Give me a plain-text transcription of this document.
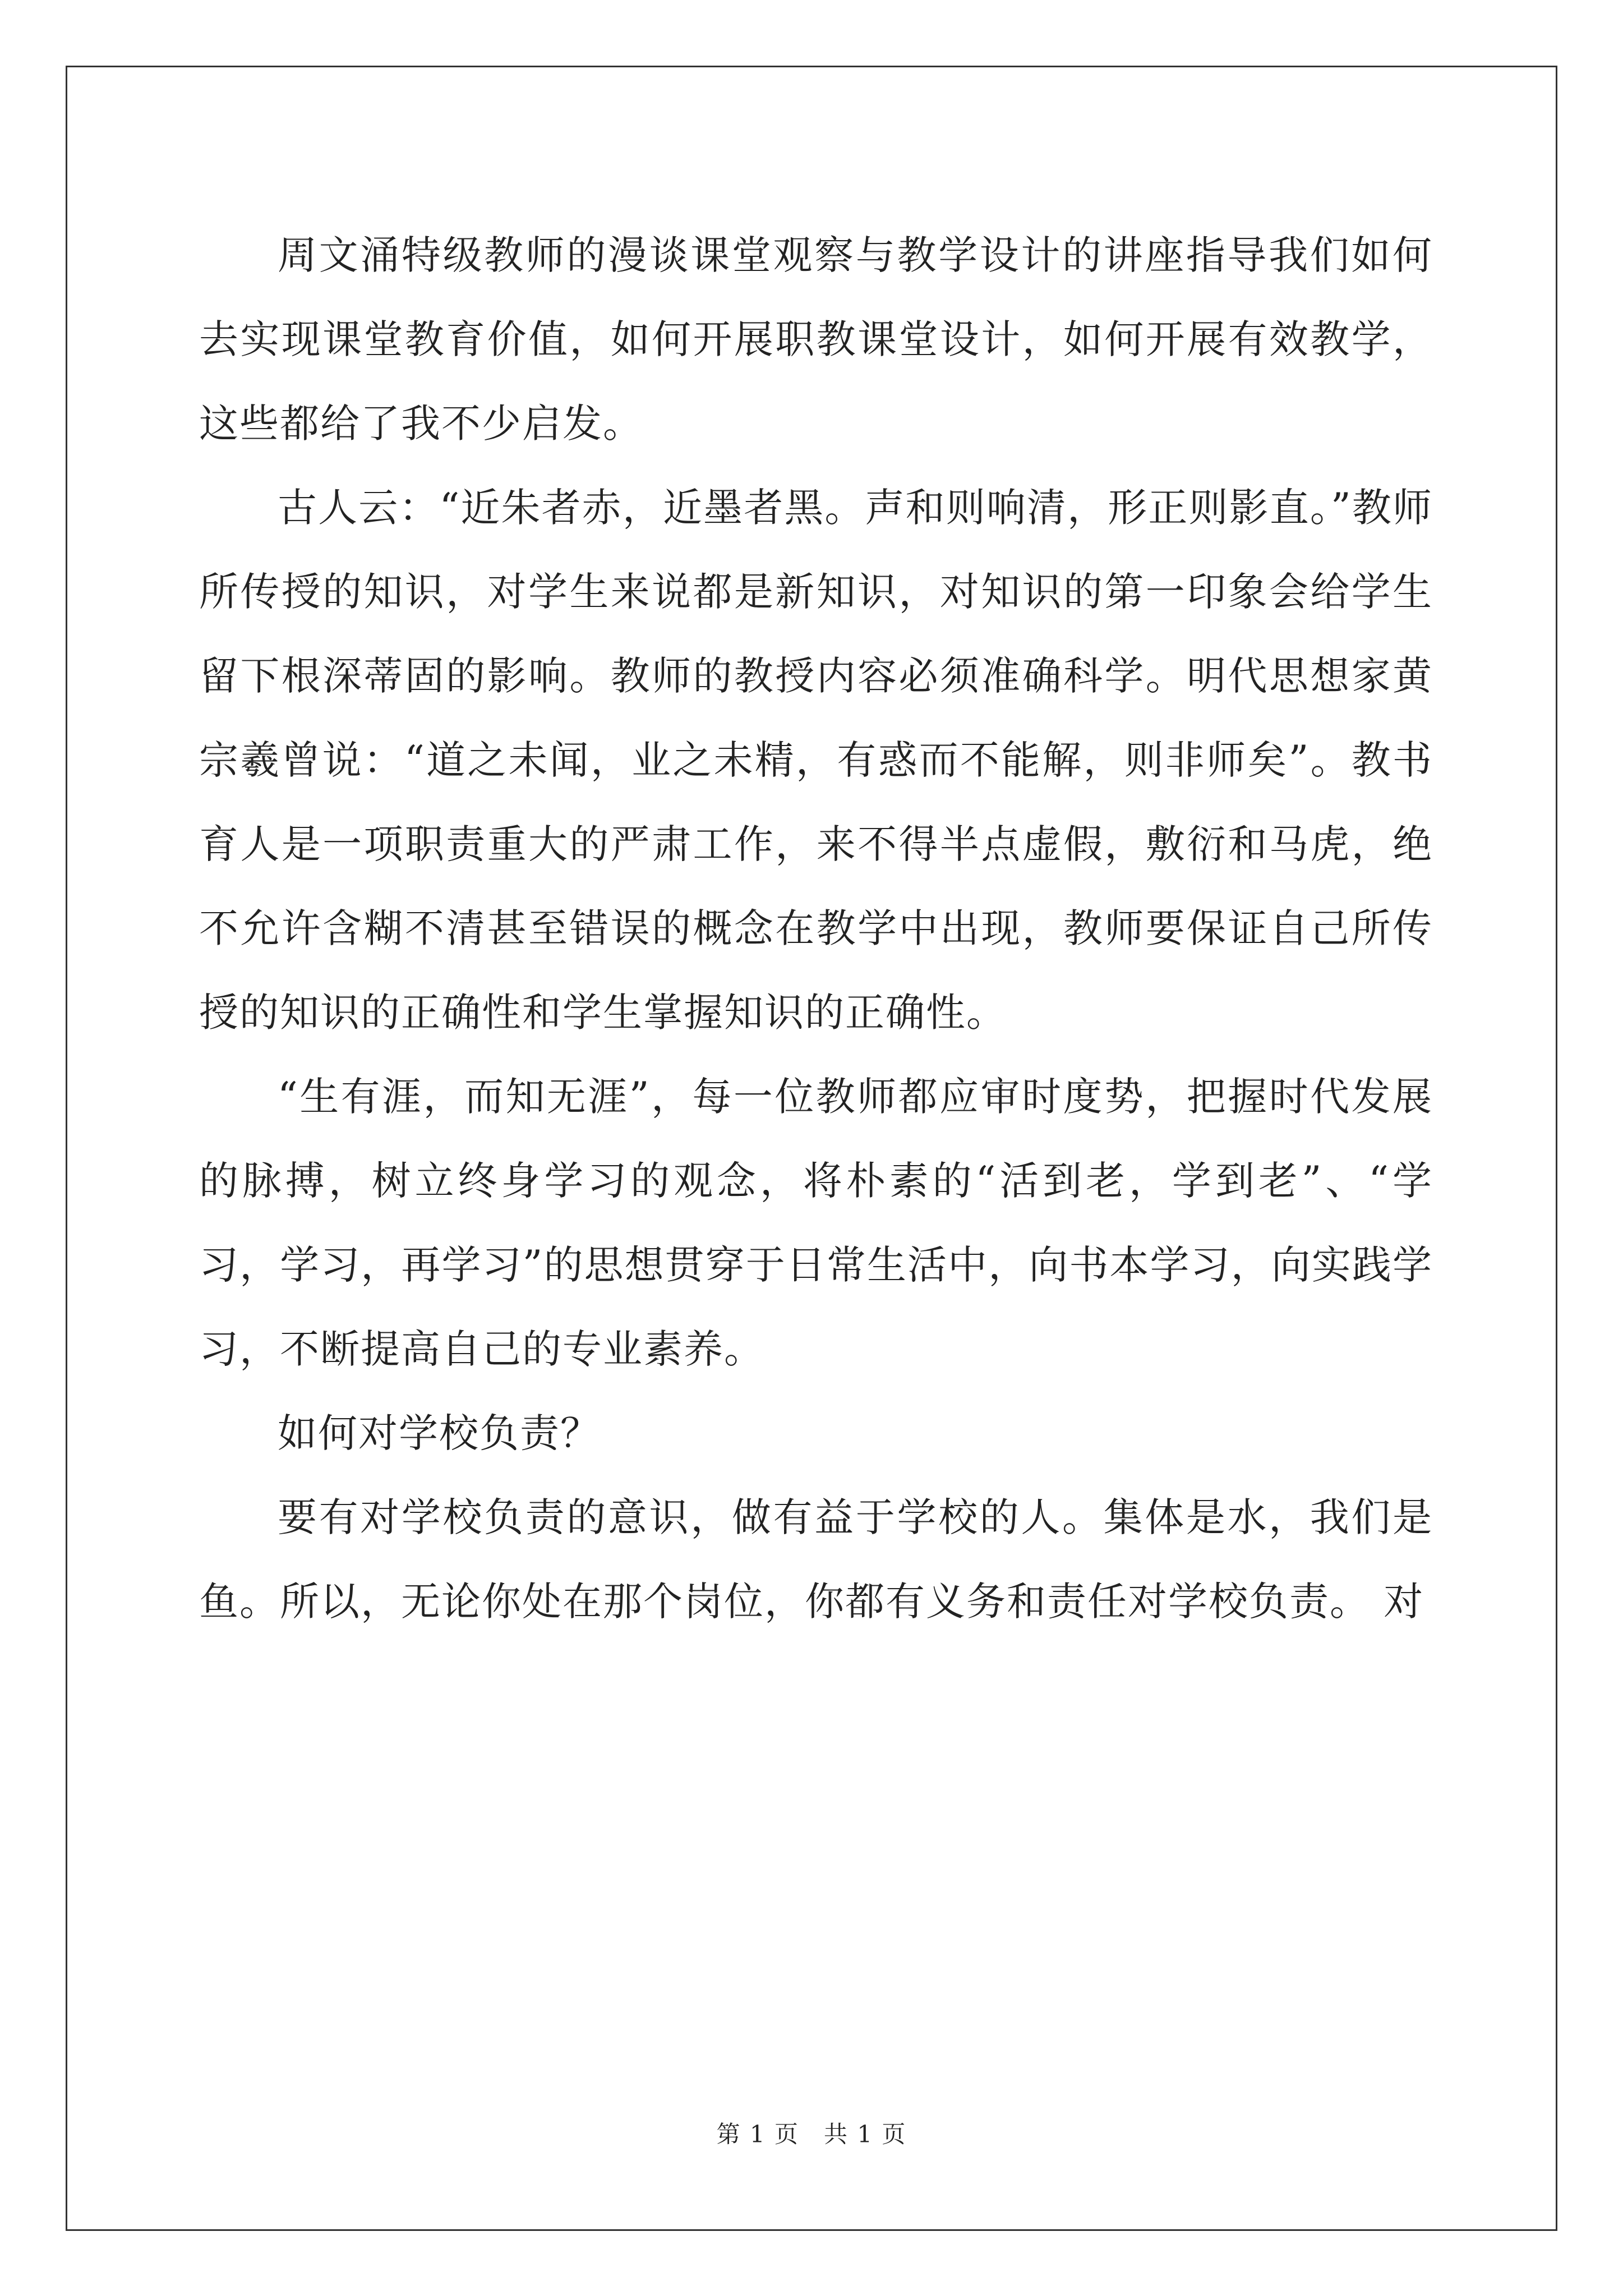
周文涌特级教师的漫谈课堂观察与教学设计的讲座指导我们如何去实现课堂教育价值，如何开展职教课堂设计，如何开展有效教学，这些都给了我不少启发。

古人云：“近朱者赤，近墨者黑。声和则响清，形正则影直。”教师所传授的知识，对学生来说都是新知识，对知识的第一印象会给学生留下根深蒂固的影响。教师的教授内容必须准确科学。明代思想家黄宗羲曾说：“道之未闻，业之未精，有惑而不能解，则非师矣”。教书育人是一项职责重大的严肃工作，来不得半点虚假，敷衍和马虎，绝不允许含糊不清甚至错误的概念在教学中出现，教师要保证自己所传授的知识的正确性和学生掌握知识的正确性。

“生有涯，而知无涯”，每一位教师都应审时度势，把握时代发展的脉搏，树立终身学习的观念，将朴素的“活到老，学到老”、“学习，学习，再学习”的思想贯穿于日常生活中，向书本学习，向实践学习，不断提高自己的专业素养。

如何对学校负责？

要有对学校负责的意识，做有益于学校的人。集体是水，我们是鱼。所以，无论你处在那个岗位，你都有义务和责任对学校负责。 对

第 1 页　共 1 页
